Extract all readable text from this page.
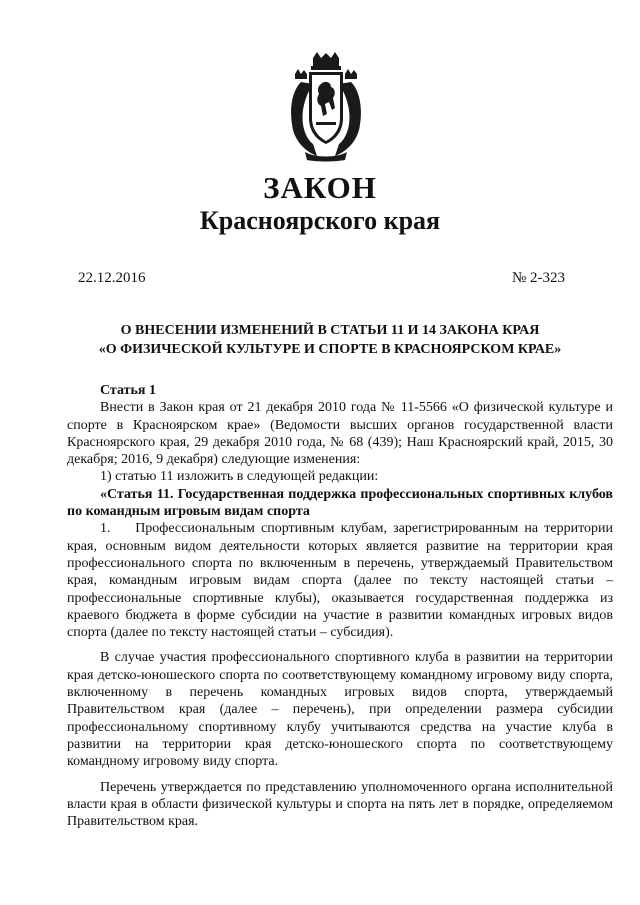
ЗАКОН
Красноярского края
22.12.2016	№ 2-323
О ВНЕСЕНИИ ИЗМЕНЕНИЙ В СТАТЬИ 11 И 14 ЗАКОНА КРАЯ
«О ФИЗИЧЕСКОЙ КУЛЬТУРЕ И СПОРТЕ В КРАСНОЯРСКОМ КРАЕ»

Статья 1

Внести в Закон края от 21 декабря 2010 года № 11-5566 «О физической культуре и спорте в Красноярском крае» (Ведомости высших органов государственной власти Красноярского края, 29 декабря 2010 года, № 68 (439); Наш Красноярский край, 2015, 30 декабря; 2016, 9 декабря) следующие изменения:

1) статью 11 изложить в следующей редакции:

«Статья 11. Государственная поддержка профессиональных спортивных клубов по командным игровым видам спорта

1.    Профессиональным спортивным клубам, зарегистрированным на территории края, основным видом деятельности которых является развитие на территории края профессионального спорта по включенным в перечень, утверждаемый Правительством края, командным игровым видам спорта (далее по тексту настоящей статьи – профессиональные спортивные клубы), оказывается государственная поддержка из краевого бюджета в форме субсидии на участие в развитии командных игровых видов спорта (далее по тексту настоящей статьи – субсидия).

В случае участия профессионального спортивного клуба в развитии на территории края детско-юношеского спорта по соответствующему командному игровому виду спорта, включенному в перечень командных игровых видов спорта, утверждаемый Правительством края (далее – перечень), при определении размера субсидии профессиональному спортивному клубу учитываются средства на участие клуба в развитии на территории края детско-юношеского спорта по соответствующему командному игровому виду спорта.

Перечень утверждается по представлению уполномоченного органа исполнительной власти края в области физической культуры и спорта на пять лет в порядке, определяемом Правительством края.
